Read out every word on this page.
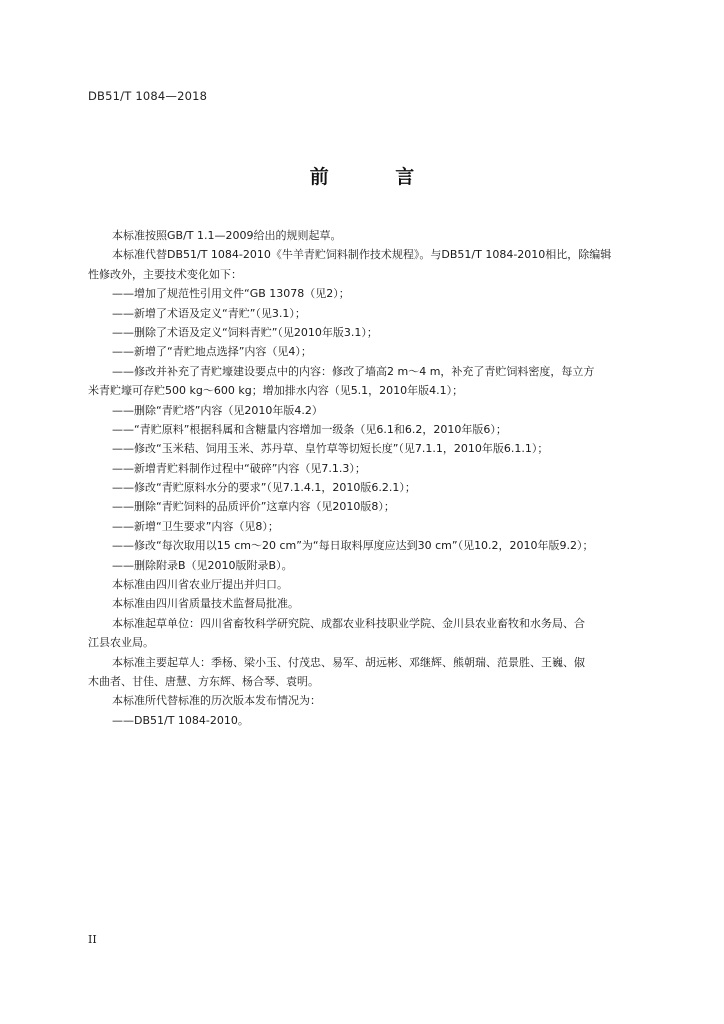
DB51/T 1084—2018
前 言
本标准按照GB/T 1.1—2009给出的规则起草。
本标准代替DB51/T 1084-2010《牛羊青贮饲料制作技术规程》。与DB51/T 1084-2010相比，除编辑
性修改外，主要技术变化如下：
——增加了规范性引用文件“GB 13078（见2）；
——新增了术语及定义“青贮”（见3.1）；
——删除了术语及定义“饲料青贮”（见2010年版3.1）；
——新增了“青贮地点选择”内容（见4）；
——修改并补充了青贮壕建设要点中的内容：修改了墙高2 m～4 m，补充了青贮饲料密度，每立方
米青贮壕可存贮500 kg～600 kg；增加排水内容（见5.1，2010年版4.1）；
——删除“青贮塔”内容（见2010年版4.2）
——“青贮原料”根据科属和含糖量内容增加一级条（见6.1和6.2，2010年版6）；
——修改“玉米秸、饲用玉米、苏丹草、皇竹草等切短长度”（见7.1.1，2010年版6.1.1）；
——新增青贮料制作过程中“破碎”内容（见7.1.3）；
——修改“青贮原料水分的要求”（见7.1.4.1，2010版6.2.1）；
——删除“青贮饲料的品质评价”这章内容（见2010版8）；
——新增“卫生要求”内容（见8）；
——修改“每次取用以15 cm～20 cm”为“每日取料厚度应达到30 cm”（见10.2，2010年版9.2）；
——删除附录B（见2010版附录B）。
本标准由四川省农业厅提出并归口。
本标准由四川省质量技术监督局批准。
本标准起草单位：四川省畜牧科学研究院、成都农业科技职业学院、金川县农业畜牧和水务局、合
江县农业局。
本标准主要起草人：季杨、梁小玉、付茂忠、易军、胡远彬、邓继辉、熊朝瑞、范景胜、王巍、俶
木曲者、甘佳、唐慧、方东辉、杨合琴、袁明。
本标准所代替标准的历次版本发布情况为：
——DB51/T 1084-2010。
II
